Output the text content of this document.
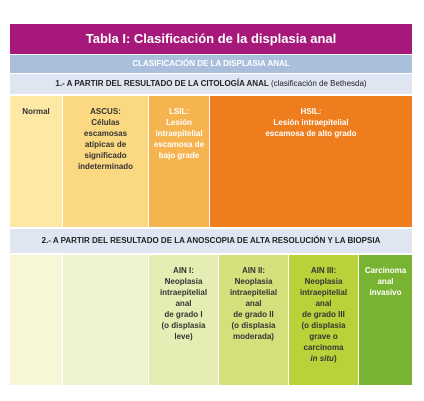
Tabla I: Clasificación de la displasia anal
CLASIFICACIÓN DE LA DISPLASIA ANAL
1.- A PARTIR DEL RESULTADO DE LA CITOLOGÍA ANAL (clasificación de Bethesda)
Normal	ASCUS:
Células
escamosas
atípicas de
significado
indeterminado
LSIL:
Lesión
intraepitelial
escamosa de
bajo grade
HSIL:
Lesión intraepitelial
escamosa de alto grado
2.- A PARTIR DEL RESULTADO DE LA ANOSCOPIA DE ALTA RESOLUCIÓN Y LA BIOPSIA
AIN I:
Neoplasia
intraepitelial
anal
de grado I
(o displasia
leve)
AIN II:
Neoplasia
intraepitelial
anal
de grado II
(o displasia
moderada)
AIN III:
Neoplasia
intraepitelial
anal
de grado III
(o displasia
grave o
carcinoma
in situ)
Carcinoma
anal
invasivo
